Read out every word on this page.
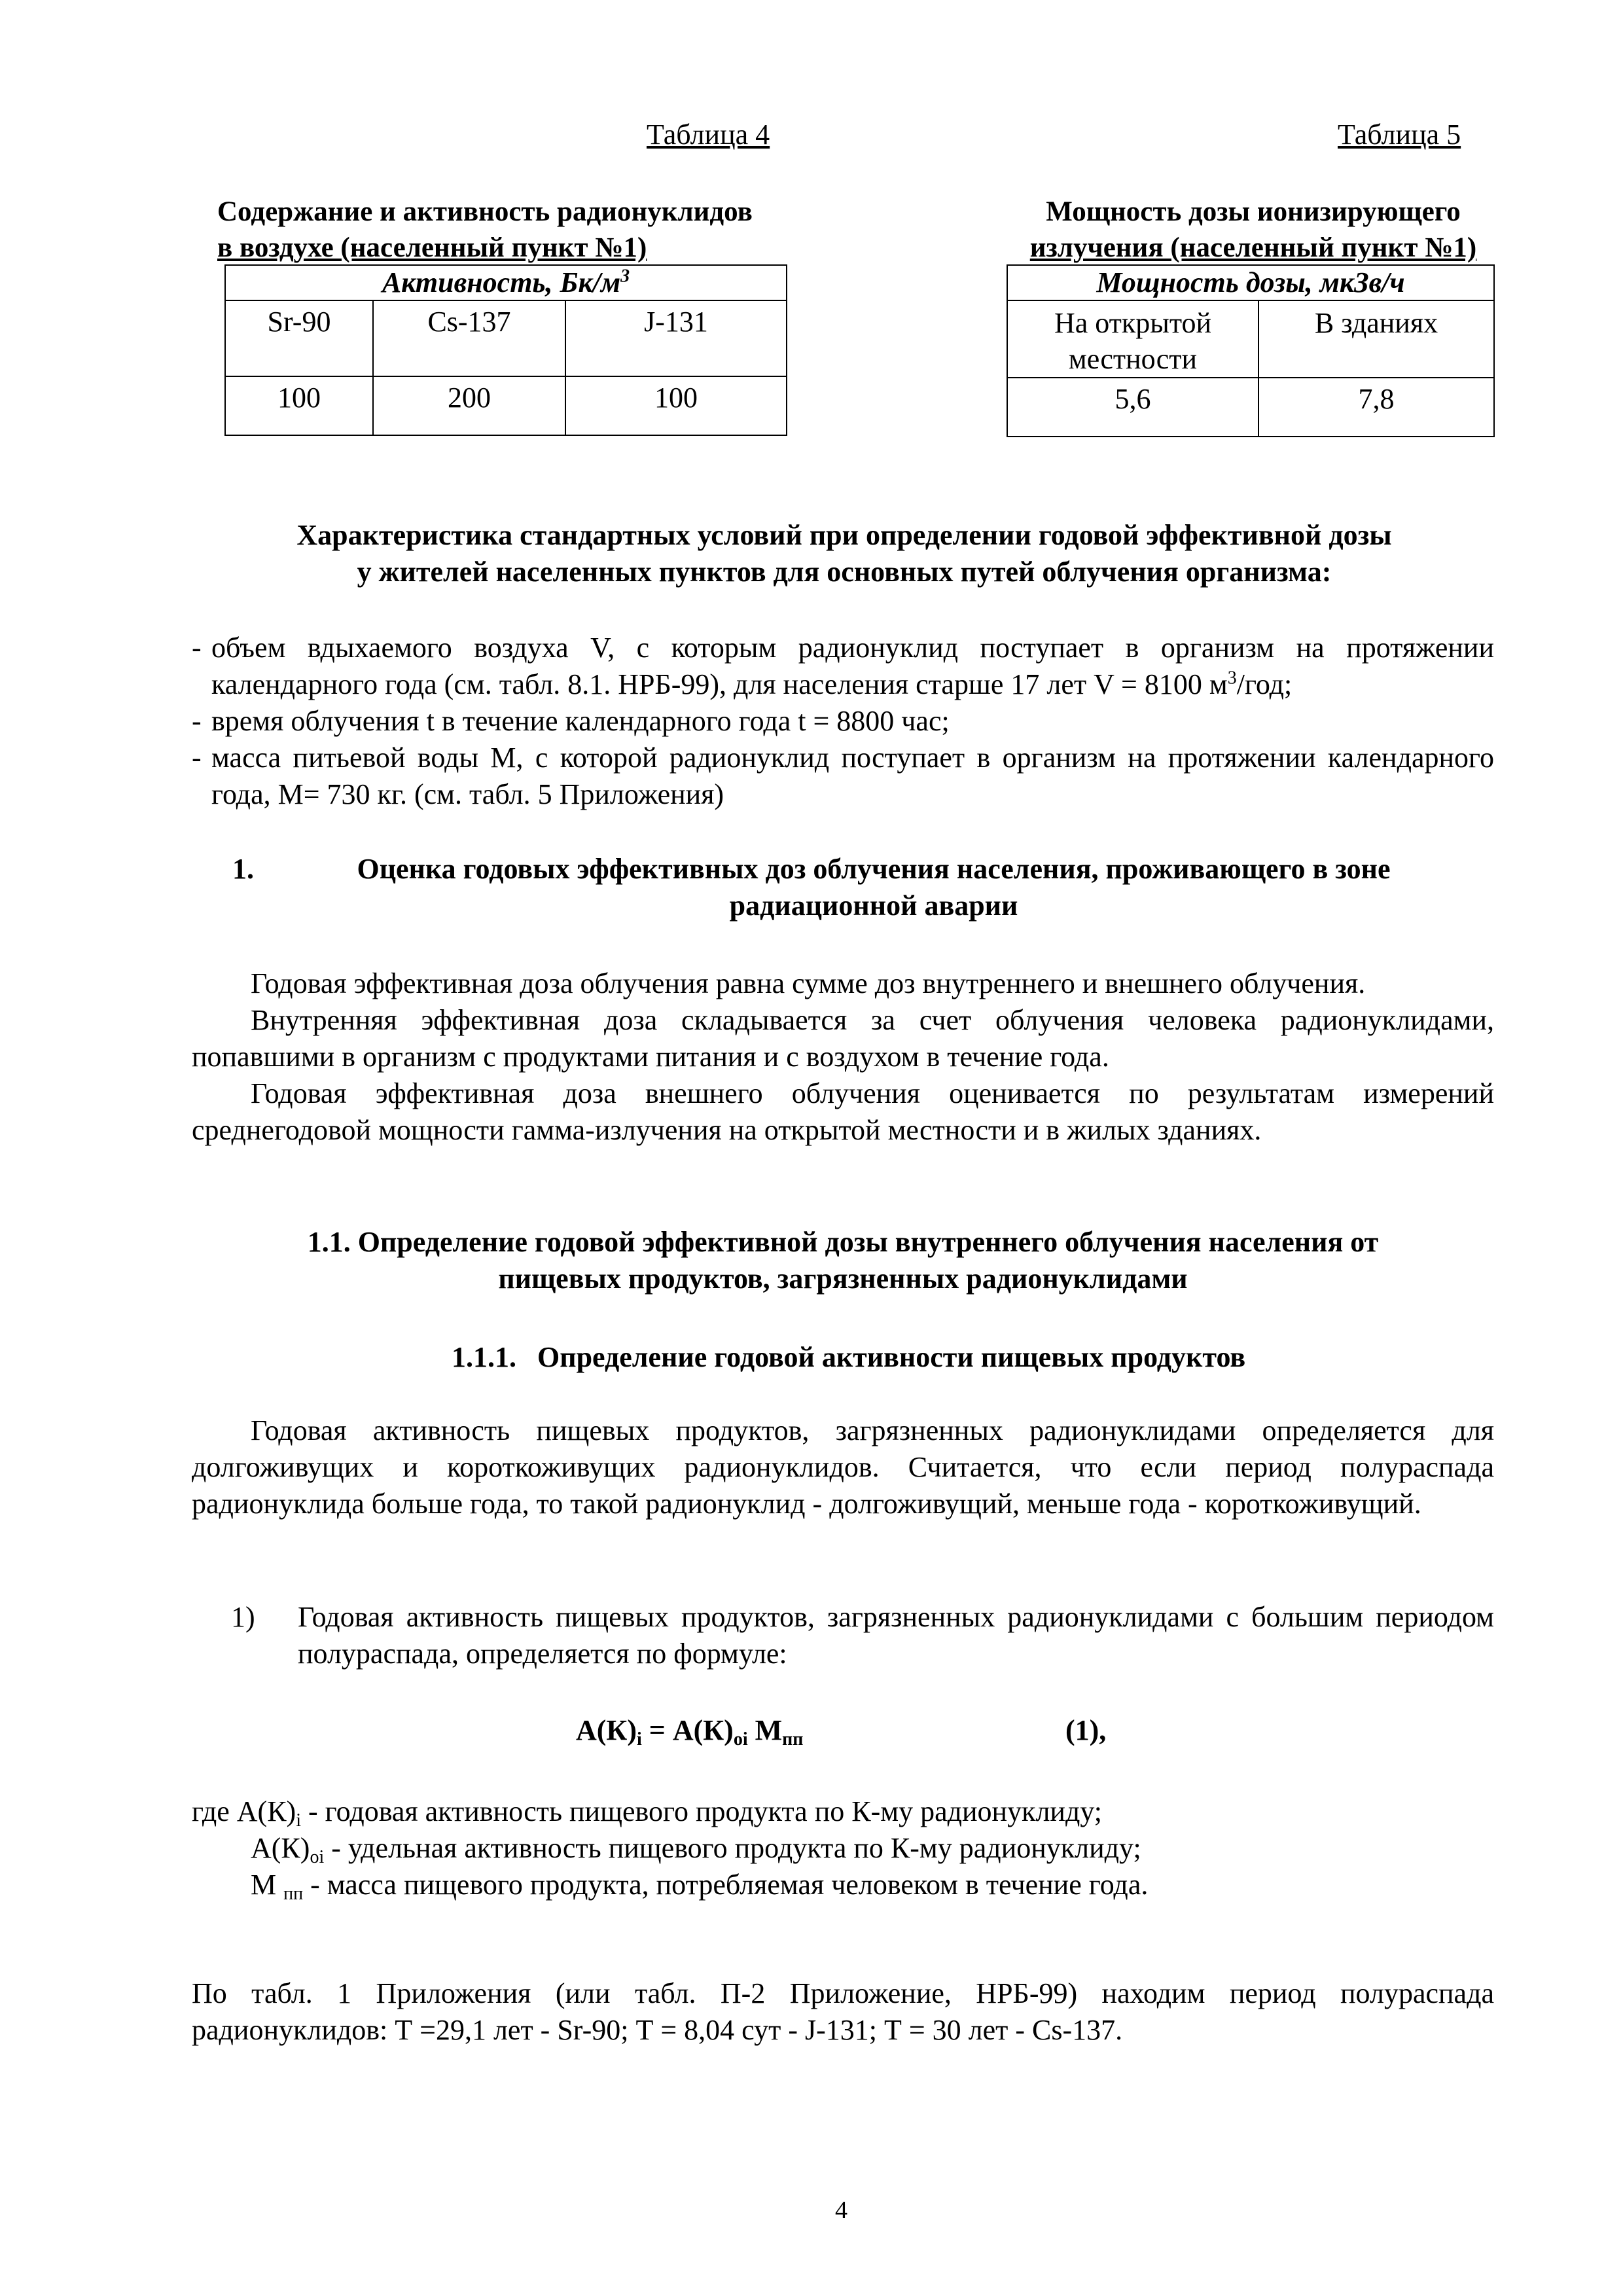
Таблица 4
Содержание и активность радионуклидов
в воздухе (населенный пункт №1)
Активность, $Бк/м^3$
Sr-90	Cs-137	J-131
100	200	100
Таблица 5
Мощность дозы ионизирующего
излучения (населенный пункт №1)
Мощность дозы, мкЗв/ч	
На открытой местности	В зданиях
5,6	7,8
Характеристика стандартных условий при определении годовой эффективной дозы
у жителей населенных пунктов для основных путей облучения организма:
- объем вдыхаемого воздуха V, с которым радионуклид поступает в организм на протяжении календарного года (см. табл. 8.1. НРБ-99), для населения старше 17 лет V = 8100 $м^3$/год;
- время облучения t в течение календарного года t = 8800 час;
- масса питьевой воды М, с которой радионуклид поступает в организм на протяжении календарного года, М= 730 кг. (см. табл. 5 Приложения)
1.	Оценка годовых эффективных доз облучения населения, проживающего в зоне
радиационной аварии
Годовая эффективная доза облучения равна сумме доз внутреннего и внешнего облучения.
Внутренняя эффективная доза складывается за счет облучения человека радионуклидами, попавшими в организм с продуктами питания и с воздухом в течение года.
Годовая эффективная доза внешнего облучения оценивается по результатам измерений среднегодовой мощности гамма-излучения на открытой местности и в жилых зданиях.
1.1. Определение годовой эффективной дозы внутреннего облучения населения от
пищевых продуктов, загрязненных радионуклидами
1.1.1. Определение годовой активности пищевых продуктов
Годовая активность пищевых продуктов, загрязненных радионуклидами определяется для долгоживущих и короткоживущих радионуклидов. Считается, что если период полураспада радионуклида больше года, то такой радионуклид - долгоживущий, меньше года - короткоживущий.
1)	Годовая активность пищевых продуктов, загрязненных радионуклидами с большим периодом полураспада, определяется по формуле:
$А(К)_i = А(К)_{oi}$ $М_{пп}$	(1),
где $А(К)_i$ - годовая активность пищевого продукта по К-му радионуклиду;
$А(К)_{oi}$ - удельная активность пищевого продукта по К-му радионуклиду;
М $_{пп}$ - масса пищевого продукта, потребляемая человеком в течение года.
По табл. 1 Приложения (или табл. П-2 Приложение, НРБ-99) находим период полураспада радионуклидов: Т =29,1 лет - Sr-90; Т = 8,04 сут - J-131; Т = 30 лет - Cs-137.
4
